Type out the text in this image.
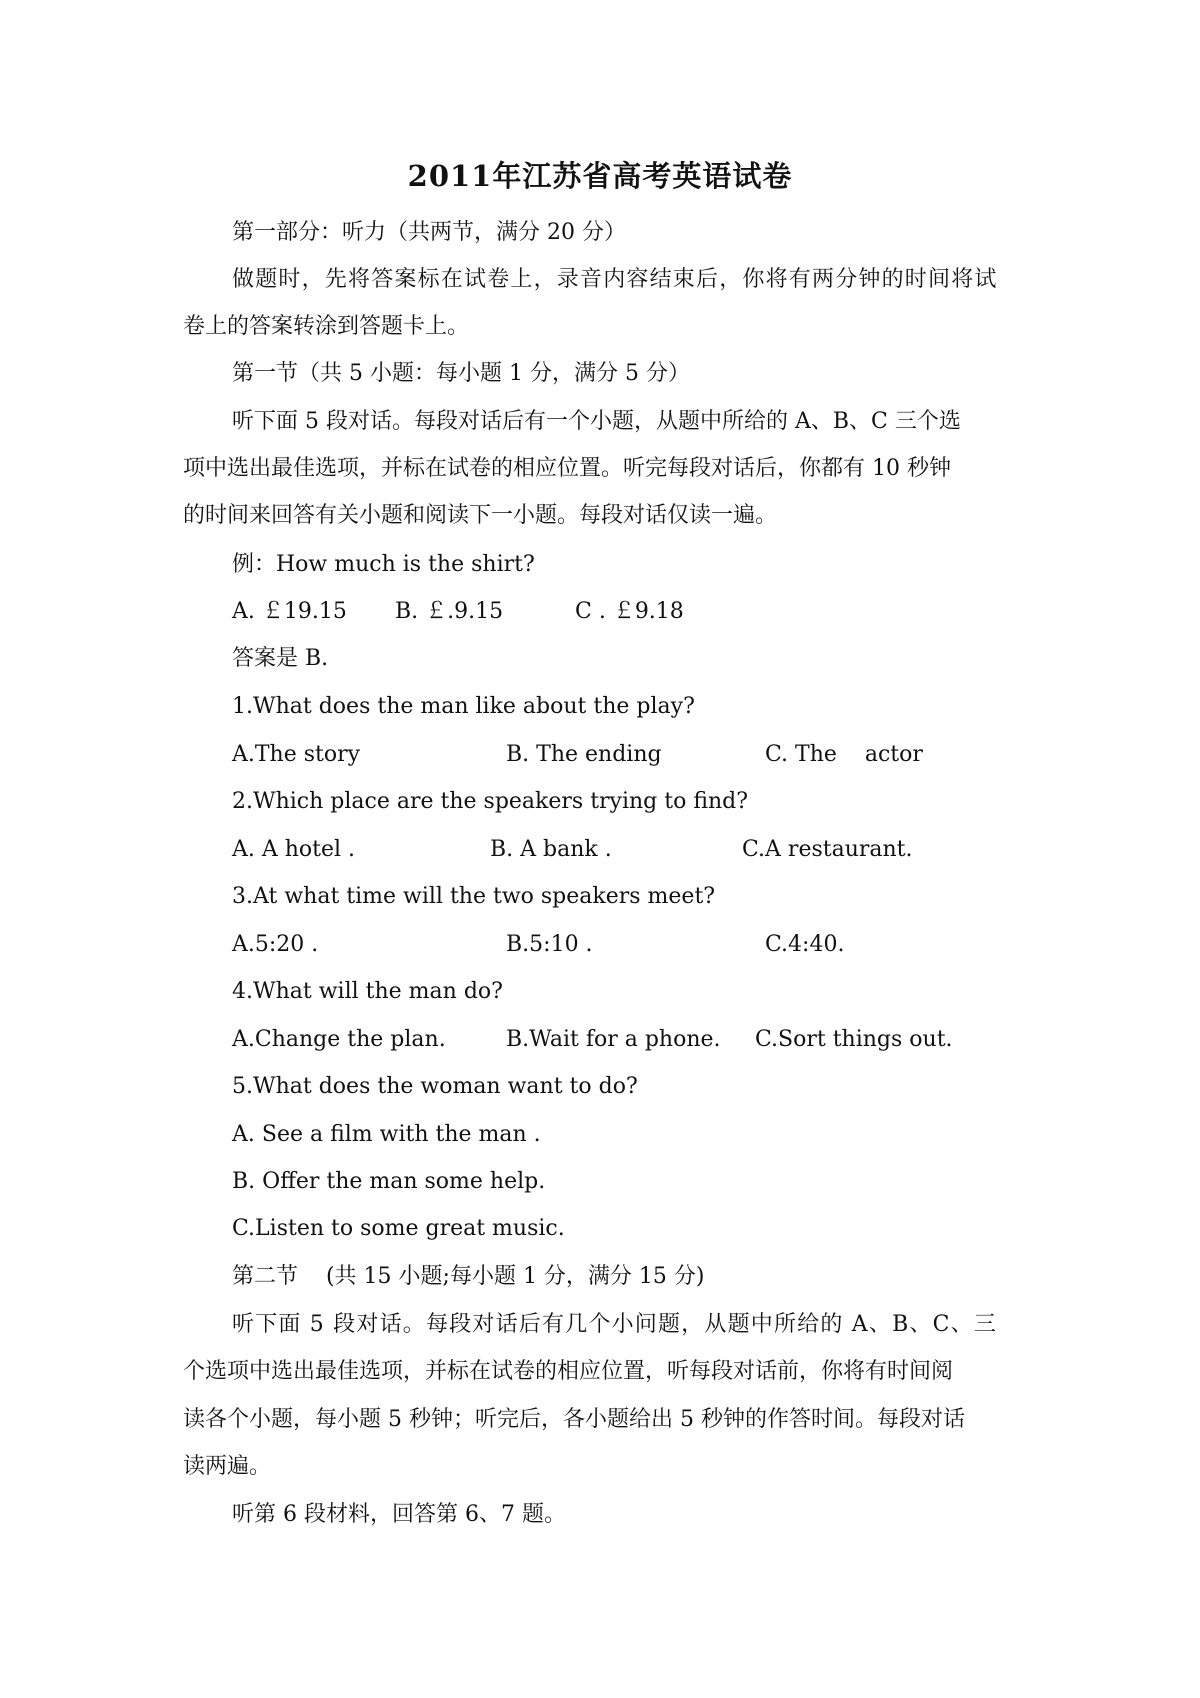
2011年江苏省高考英语试卷
第一部分：听力（共两节，满分 20 分）
做题时，先将答案标在试卷上，录音内容结束后，你将有两分钟的时间将试
卷上的答案转涂到答题卡上。
第一节（共 5 小题：每小题 1 分，满分 5 分）
听下面 5 段对话。每段对话后有一个小题，从题中所给的 A、B、C 三个选
项中选出最佳选项，并标在试卷的相应位置。听完每段对话后，你都有 10 秒钟
的时间来回答有关小题和阅读下一小题。每段对话仅读一遍。
例：How much is the shirt?
A. ￡19.15 B. ￡.9.15	C . ￡9.18
答案是 B.
1.What does the man like about the play?
A.The story	B. The ending	C. The    actor
2.Which place are the speakers trying to find?
A. A hotel .	B. A bank .	C.A restaurant.
3.At what time will the two speakers meet?
A.5:20 .	B.5:10 .	C.4:40.
4.What will the man do?
A.Change the plan.	B.Wait for a phone. C.Sort things out.
5.What does the woman want to do?
A. See a film with the man .
B. Offer the man some help.
C.Listen to some great music.
第二节    (共 15 小题;每小题 1 分，满分 15 分)
听下面 5 段对话。每段对话后有几个小问题，从题中所给的 A、B、C、三
个选项中选出最佳选项，并标在试卷的相应位置，听每段对话前，你将有时间阅
读各个小题，每小题 5 秒钟；听完后，各小题给出 5 秒钟的作答时间。每段对话
读两遍。
听第 6 段材料，回答第 6、7 题。
